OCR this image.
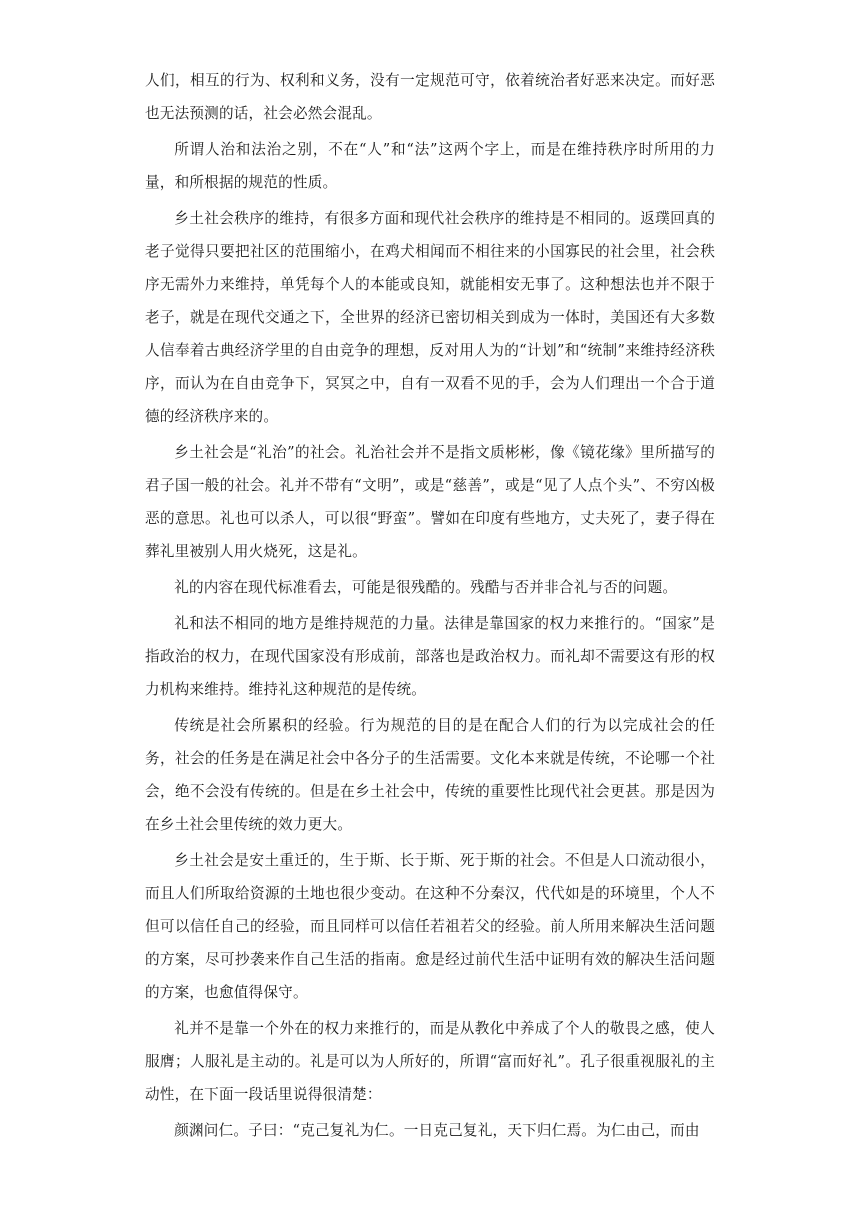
人们，相互的行为、权利和义务，没有一定规范可守，依着统治者好恶来决定。而好恶也无法预测的话，社会必然会混乱。

所谓人治和法治之别，不在“人”和“法”这两个字上，而是在维持秩序时所用的力量，和所根据的规范的性质。

乡土社会秩序的维持，有很多方面和现代社会秩序的维持是不相同的。返璞回真的老子觉得只要把社区的范围缩小，在鸡犬相闻而不相往来的小国寡民的社会里，社会秩序无需外力来维持，单凭每个人的本能或良知，就能相安无事了。这种想法也并不限于老子，就是在现代交通之下，全世界的经济已密切相关到成为一体时，美国还有大多数人信奉着古典经济学里的自由竞争的理想，反对用人为的“计划”和“统制”来维持经济秩序，而认为在自由竞争下，冥冥之中，自有一双看不见的手，会为人们理出一个合于道德的经济秩序来的。

乡土社会是“礼治”的社会。礼治社会并不是指文质彬彬，像《镜花缘》里所描写的君子国一般的社会。礼并不带有“文明”，或是“慈善”，或是“见了人点个头”、不穷凶极恶的意思。礼也可以杀人，可以很“野蛮”。譬如在印度有些地方，丈夫死了，妻子得在葬礼里被别人用火烧死，这是礼。

礼的内容在现代标准看去，可能是很残酷的。残酷与否并非合礼与否的问题。

礼和法不相同的地方是维持规范的力量。法律是靠国家的权力来推行的。“国家”是指政治的权力，在现代国家没有形成前，部落也是政治权力。而礼却不需要这有形的权力机构来维持。维持礼这种规范的是传统。

传统是社会所累积的经验。行为规范的目的是在配合人们的行为以完成社会的任务，社会的任务是在满足社会中各分子的生活需要。文化本来就是传统，不论哪一个社会，绝不会没有传统的。但是在乡土社会中，传统的重要性比现代社会更甚。那是因为在乡土社会里传统的效力更大。

乡土社会是安土重迁的，生于斯、长于斯、死于斯的社会。不但是人口流动很小，而且人们所取给资源的土地也很少变动。在这种不分秦汉，代代如是的环境里，个人不但可以信任自己的经验，而且同样可以信任若祖若父的经验。前人所用来解决生活问题的方案，尽可抄袭来作自己生活的指南。愈是经过前代生活中证明有效的解决生活问题的方案，也愈值得保守。

礼并不是靠一个外在的权力来推行的，而是从教化中养成了个人的敬畏之感，使人服膺；人服礼是主动的。礼是可以为人所好的，所谓“富而好礼”。孔子很重视服礼的主动性，在下面一段话里说得很清楚：

颜渊问仁。子曰：“克己复礼为仁。一日克己复礼，天下归仁焉。为仁由己，而由
